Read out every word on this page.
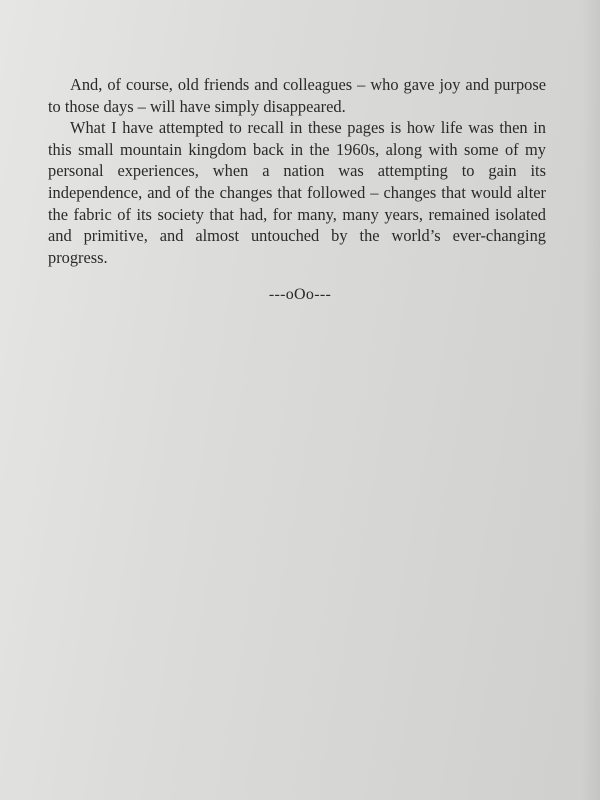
And, of course, old friends and colleagues – who gave joy and purpose to those days – will have simply disappeared.

What I have attempted to recall in these pages is how life was then in this small mountain kingdom back in the 1960s, along with some of my personal experiences, when a nation was attempting to gain its independence, and of the changes that followed – changes that would alter the fabric of its society that had, for many, many years, remained isolated and primitive, and almost untouched by the world’s ever-changing progress.

---oOo---
